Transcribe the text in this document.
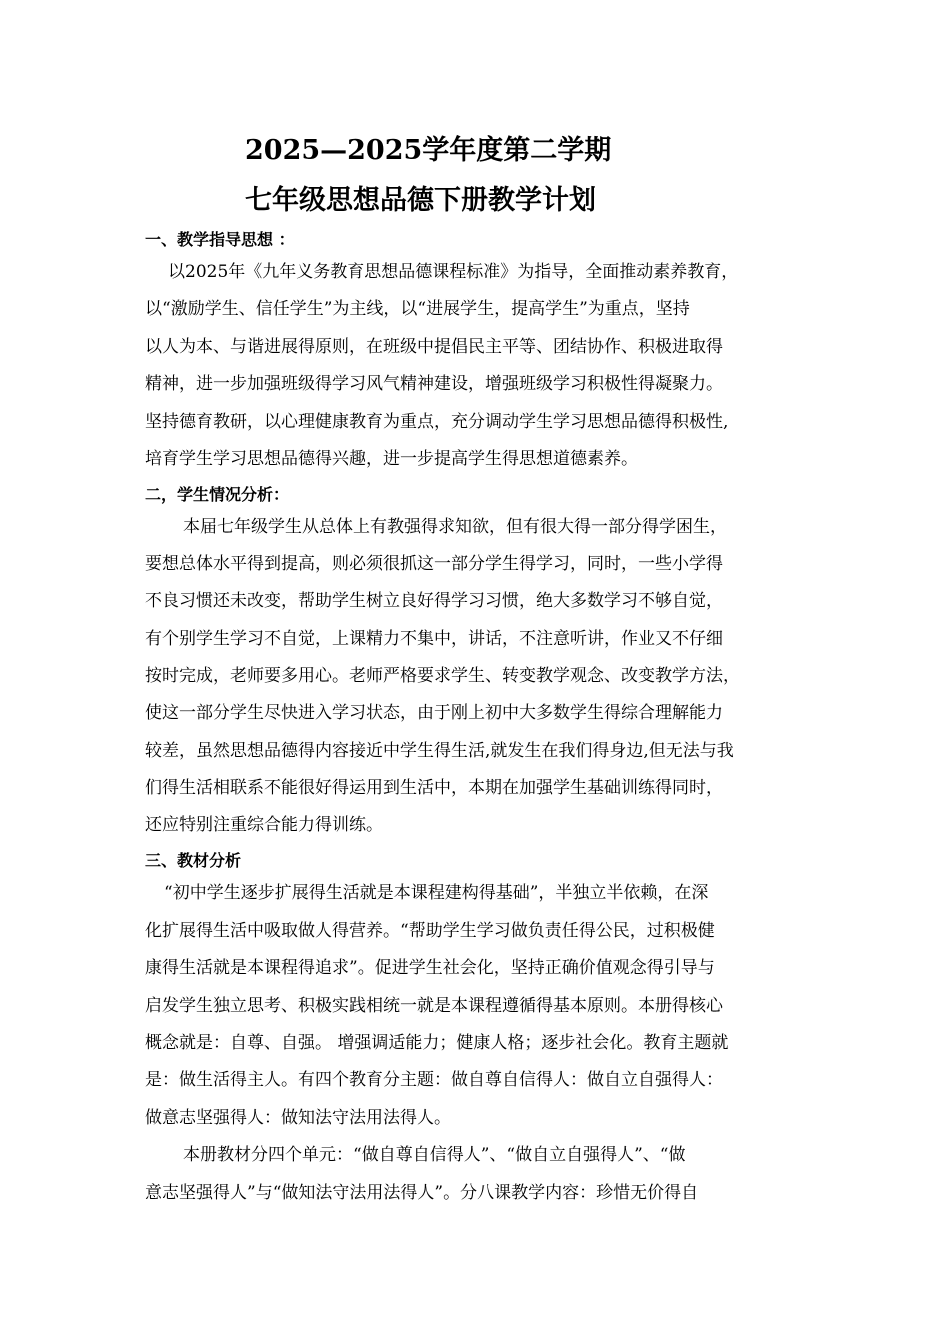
2025—2025学年度第二学期
七年级思想品德下册教学计划
一、教学指导思想 ：
以2025年《九年义务教育思想品德课程标准》为指导，全面推动素养教育，
以“激励学生、信任学生”为主线，以“进展学生，提高学生”为重点，坚持
以人为本、与谐进展得原则，在班级中提倡民主平等、团结协作、积极进取得
精神，进一步加强班级得学习风气精神建设，增强班级学习积极性得凝聚力。
坚持德育教研，以心理健康教育为重点，充分调动学生学习思想品德得积极性,
培育学生学习思想品德得兴趣，进一步提高学生得思想道德素养。
二，学生情况分析：
本届七年级学生从总体上有教强得求知欲，但有很大得一部分得学困生，
要想总体水平得到提高，则必须很抓这一部分学生得学习，同时，一些小学得
不良习惯还未改变，帮助学生树立良好得学习习惯，绝大多数学习不够自觉，
有个别学生学习不自觉，上课精力不集中，讲话，不注意听讲，作业又不仔细
按时完成，老师要多用心。老师严格要求学生、转变教学观念、改变教学方法，
使这一部分学生尽快进入学习状态，由于刚上初中大多数学生得综合理解能力
较差，虽然思想品德得内容接近中学生得生活,就发生在我们得身边,但无法与我
们得生活相联系不能很好得运用到生活中，本期在加强学生基础训练得同时，
还应特别注重综合能力得训练。
三、教材分析
“初中学生逐步扩展得生活就是本课程建构得基础”，半独立半依赖，在深
化扩展得生活中吸取做人得营养。“帮助学生学习做负责任得公民，过积极健
康得生活就是本课程得追求”。促进学生社会化，坚持正确价值观念得引导与
启发学生独立思考、积极实践相统一就是本课程遵循得基本原则。本册得核心
概念就是：自尊、自强。 增强调适能力；健康人格；逐步社会化。教育主题就
是：做生活得主人。有四个教育分主题：做自尊自信得人：做自立自强得人：
做意志坚强得人：做知法守法用法得人。
本册教材分四个单元：“做自尊自信得人”、“做自立自强得人”、“做
意志坚强得人”与“做知法守法用法得人”。分八课教学内容：珍惜无价得自
